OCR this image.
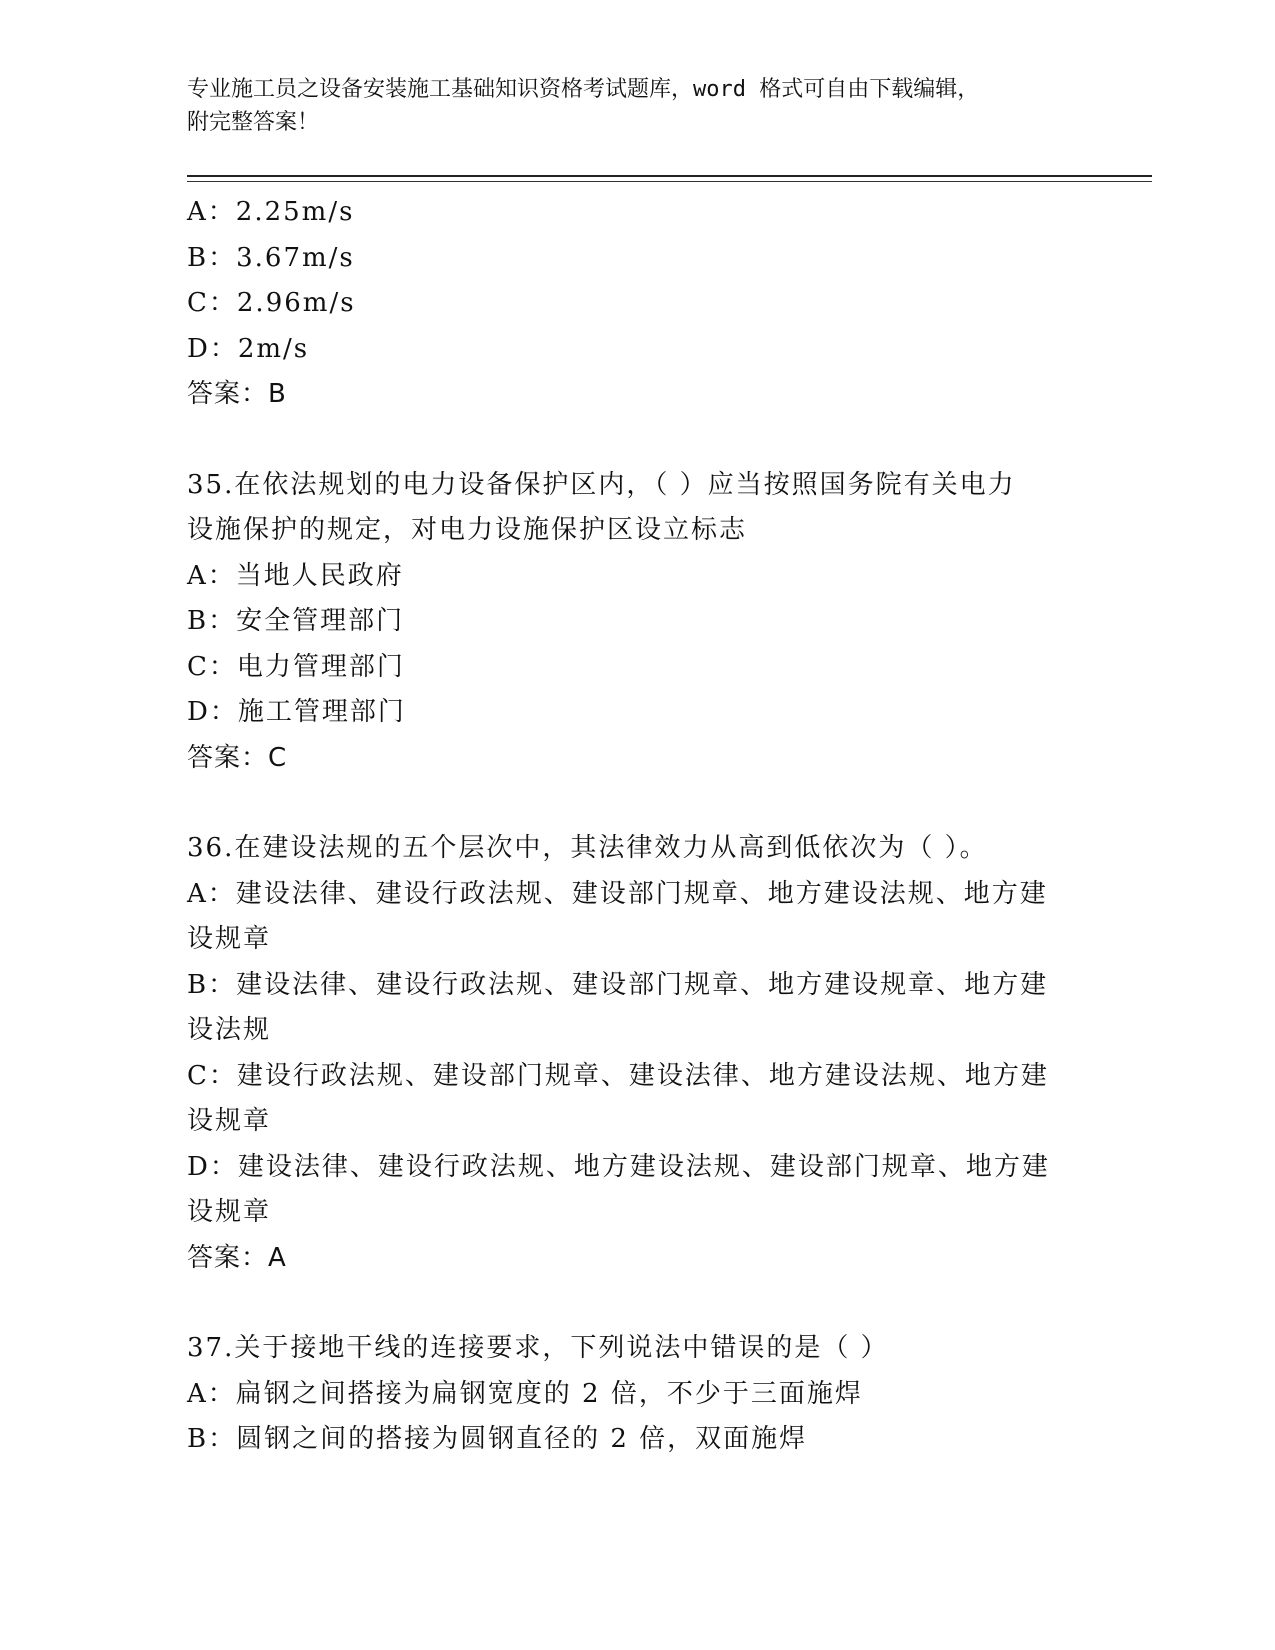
专业施工员之设备安装施工基础知识资格考试题库，word 格式可自由下载编辑，
附完整答案！
A：2.25m/s
B：3.67m/s
C：2.96m/s
D：2m/s
答案：B
35.在依法规划的电力设备保护区内，（ ）应当按照国务院有关电力
设施保护的规定，对电力设施保护区设立标志
A：当地人民政府
B：安全管理部门
C：电力管理部门
D：施工管理部门
答案：C
36.在建设法规的五个层次中，其法律效力从高到低依次为（ ）。
A：建设法律、建设行政法规、建设部门规章、地方建设法规、地方建
设规章
B：建设法律、建设行政法规、建设部门规章、地方建设规章、地方建
设法规
C：建设行政法规、建设部门规章、建设法律、地方建设法规、地方建
设规章
D：建设法律、建设行政法规、地方建设法规、建设部门规章、地方建
设规章
答案：A
37.关于接地干线的连接要求，下列说法中错误的是（ ）
A：扁钢之间搭接为扁钢宽度的 2 倍，不少于三面施焊
B：圆钢之间的搭接为圆钢直径的 2 倍，双面施焊
